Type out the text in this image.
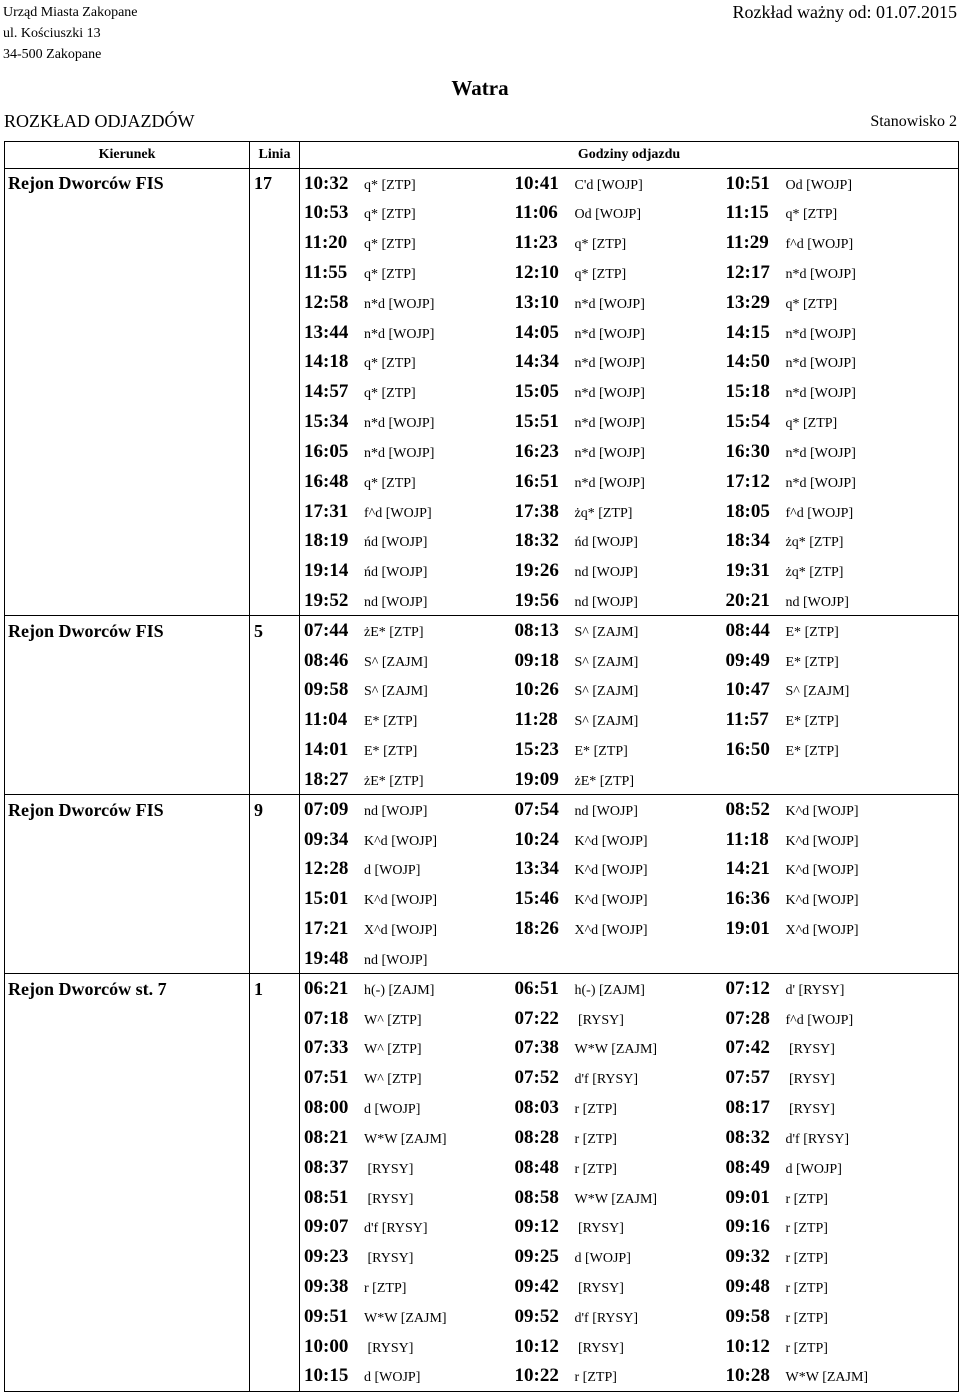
Urząd Miasta Zakopane
ul. Kościuszki 13
34-500 Zakopane
Rozkład ważny od: 01.07.2015
Watra
ROZKŁAD ODJAZDÓW	Stanowisko 2
Kierunek	Linia	Godziny odjazdu		
Rejon Dworców FIS	17	10:32 q* [ZTP]	10:41 C'd [WOJP]	10:51 Od [WOJP]
		10:53 q* [ZTP]	11:06 Od [WOJP]	11:15 q* [ZTP]
		11:20 q* [ZTP]	11:23 q* [ZTP]	11:29 f^d [WOJP]
		11:55 q* [ZTP]	12:10 q* [ZTP]	12:17 n*d [WOJP]
		12:58 n*d [WOJP]	13:10 n*d [WOJP]	13:29 q* [ZTP]
		13:44 n*d [WOJP]	14:05 n*d [WOJP]	14:15 n*d [WOJP]
		14:18 q* [ZTP]	14:34 n*d [WOJP]	14:50 n*d [WOJP]
		14:57 q* [ZTP]	15:05 n*d [WOJP]	15:18 n*d [WOJP]
		15:34 n*d [WOJP]	15:51 n*d [WOJP]	15:54 q* [ZTP]
		16:05 n*d [WOJP]	16:23 n*d [WOJP]	16:30 n*d [WOJP]
		16:48 q* [ZTP]	16:51 n*d [WOJP]	17:12 n*d [WOJP]
		17:31 f^d [WOJP]	17:38 żq* [ZTP]	18:05 f^d [WOJP]
		18:19 ńd [WOJP]	18:32 ńd [WOJP]	18:34 żq* [ZTP]
		19:14 ńd [WOJP]	19:26 nd [WOJP]	19:31 żq* [ZTP]
		19:52 nd [WOJP]	19:56 nd [WOJP]	20:21 nd [WOJP]
Rejon Dworców FIS	5	07:44 żE* [ZTP]	08:13 S^ [ZAJM]	08:44 E* [ZTP]
		08:46 S^ [ZAJM]	09:18 S^ [ZAJM]	09:49 E* [ZTP]
		09:58 S^ [ZAJM]	10:26 S^ [ZAJM]	10:47 S^ [ZAJM]
		11:04 E* [ZTP]	11:28 S^ [ZAJM]	11:57 E* [ZTP]
		14:01 E* [ZTP]	15:23 E* [ZTP]	16:50 E* [ZTP]
		18:27 żE* [ZTP]	19:09 żE* [ZTP]	
Rejon Dworców FIS	9	07:09 nd [WOJP]	07:54 nd [WOJP]	08:52 K^d [WOJP]
		09:34 K^d [WOJP]	10:24 K^d [WOJP]	11:18 K^d [WOJP]
		12:28 d [WOJP]	13:34 K^d [WOJP]	14:21 K^d [WOJP]
		15:01 K^d [WOJP]	15:46 K^d [WOJP]	16:36 K^d [WOJP]
		17:21 X^d [WOJP]	18:26 X^d [WOJP]	19:01 X^d [WOJP]
		19:48 nd [WOJP]		
Rejon Dworców st. 7	1	06:21 h(-) [ZAJM]	06:51 h(-) [ZAJM]	07:12 d' [RYSY]
		07:18 W^ [ZTP]	07:22 [RYSY]	07:28 f^d [WOJP]
		07:33 W^ [ZTP]	07:38 W*W [ZAJM]	07:42 [RYSY]
		07:51 W^ [ZTP]	07:52 d'f [RYSY]	07:57 [RYSY]
		08:00 d [WOJP]	08:03 r [ZTP]	08:17 [RYSY]
		08:21 W*W [ZAJM]	08:28 r [ZTP]	08:32 d'f [RYSY]
		08:37 [RYSY]	08:48 r [ZTP]	08:49 d [WOJP]
		08:51 [RYSY]	08:58 W*W [ZAJM]	09:01 r [ZTP]
		09:07 d'f [RYSY]	09:12 [RYSY]	09:16 r [ZTP]
		09:23 [RYSY]	09:25 d [WOJP]	09:32 r [ZTP]
		09:38 r [ZTP]	09:42 [RYSY]	09:48 r [ZTP]
		09:51 W*W [ZAJM]	09:52 d'f [RYSY]	09:58 r [ZTP]
		10:00 [RYSY]	10:12 [RYSY]	10:12 r [ZTP]
		10:15 d [WOJP]	10:22 r [ZTP]	10:28 W*W [ZAJM]
